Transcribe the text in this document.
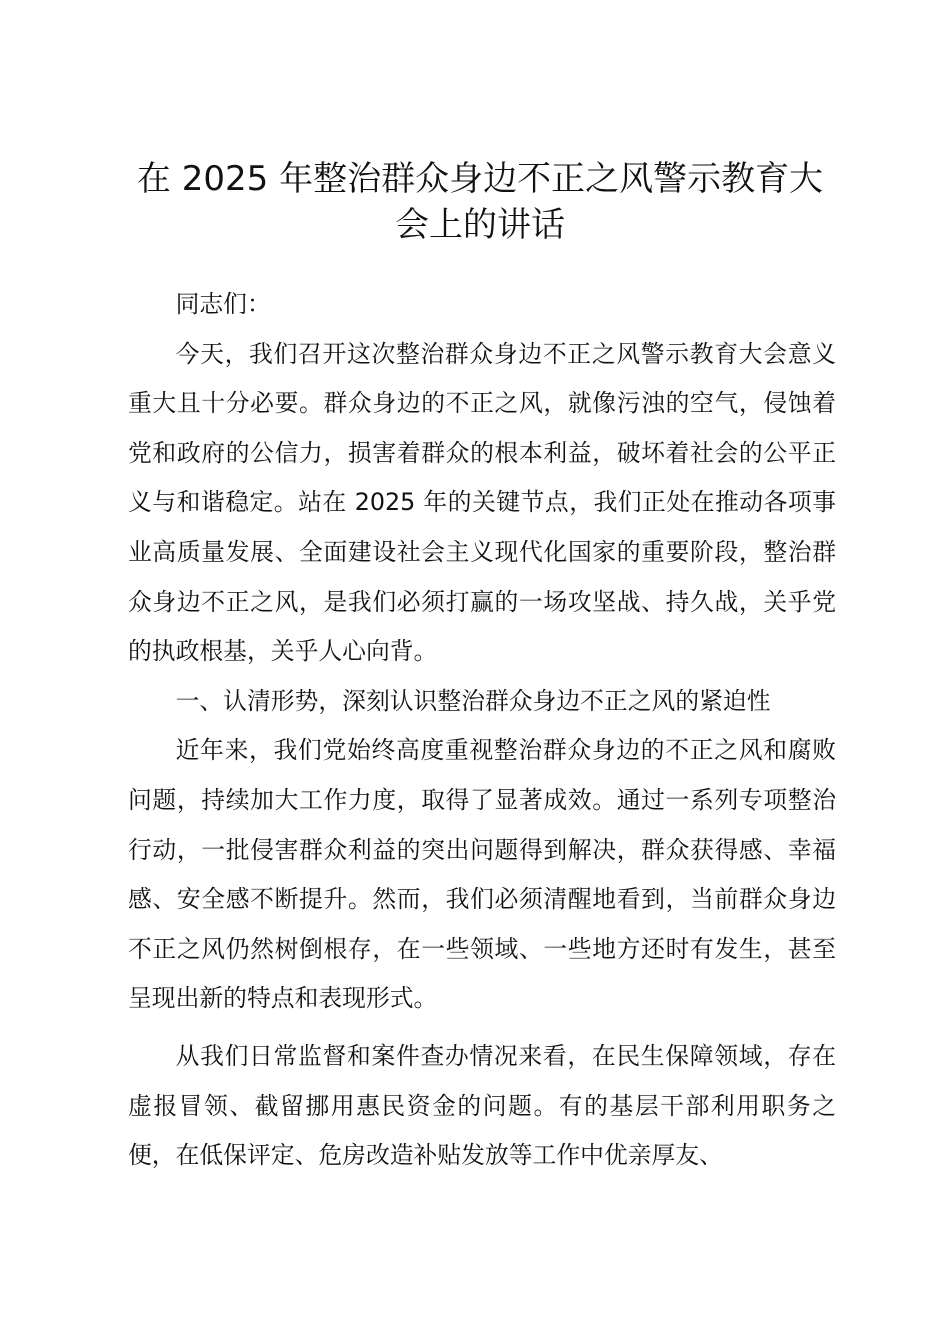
在 2025 年整治群众身边不正之风警示教育大
会上的讲话

同志们：

今天，我们召开这次整治群众身边不正之风警示教育大会意义重大且十分必要。群众身边的不正之风，就像污浊的空气，侵蚀着党和政府的公信力，损害着群众的根本利益，破坏着社会的公平正义与和谐稳定。站在 2025 年的关键节点，我们正处在推动各项事业高质量发展、全面建设社会主义现代化国家的重要阶段，整治群众身边不正之风，是我们必须打赢的一场攻坚战、持久战，关乎党的执政根基，关乎人心向背。

一、认清形势，深刻认识整治群众身边不正之风的紧迫性

近年来，我们党始终高度重视整治群众身边的不正之风和腐败问题，持续加大工作力度，取得了显著成效。通过一系列专项整治行动，一批侵害群众利益的突出问题得到解决，群众获得感、幸福感、安全感不断提升。然而，我们必须清醒地看到，当前群众身边不正之风仍然树倒根存，在一些领域、一些地方还时有发生，甚至呈现出新的特点和表现形式。

从我们日常监督和案件查办情况来看，在民生保障领域，存在虚报冒领、截留挪用惠民资金的问题。有的基层干部利用职务之便，在低保评定、危房改造补贴发放等工作中优亲厚友、
